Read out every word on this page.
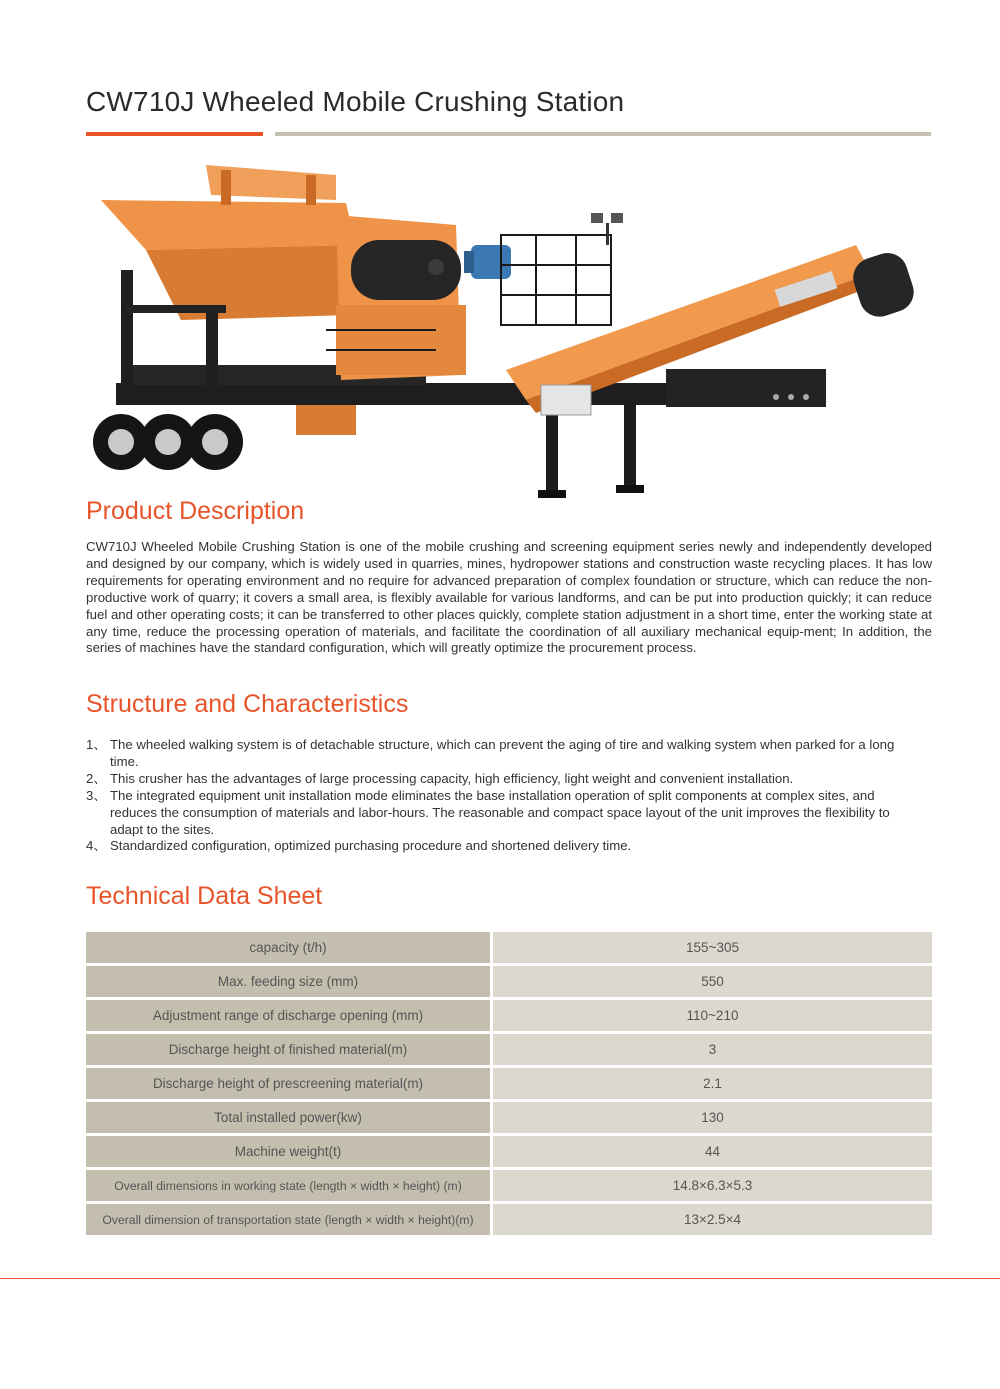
CW710J Wheeled Mobile Crushing Station
Product Description

CW710J Wheeled Mobile Crushing Station is one of the mobile crushing and screening equipment series newly and independently developed and designed by our company, which is widely used in quarries, mines, hydropower stations and construction waste recycling places. It has low requirements for operating environment and no require for advanced preparation of complex foundation or structure, which can reduce the non-productive work of quarry; it covers a small area, is flexibly available for various landforms, and can be put into production quickly; it can reduce fuel and other operating costs; it can be transferred to other places quickly, complete station adjustment in a short time, enter the working state at any time, reduce the processing operation of materials, and facilitate the coordination of all auxiliary mechanical equip-ment; In addition, the series of machines have the standard configuration, which will greatly optimize the procurement process.

Structure and Characteristics
1、 The wheeled walking system is of detachable structure, which can prevent the aging of tire and walking system when parked for a long time.
2、 This crusher has the advantages of large processing capacity, high efficiency, light weight and convenient installation.
3、 The integrated equipment unit installation mode eliminates the base installation operation of split components at complex sites, and reduces the consumption of materials and labor-hours. The reasonable and compact space layout of the unit improves the flexibility to adapt to the sites.
4、 Standardized configuration, optimized purchasing procedure and shortened delivery time.
Technical Data Sheet
capacity (t/h)	155~305
Max. feeding size (mm)	550
Adjustment range of discharge opening (mm)	110~210
Discharge height of finished material(m)	3
Discharge height of prescreening material(m)	2.1
Total installed power(kw)	130
Machine weight(t)	44
Overall dimensions in working state (length × width × height) (m)	14.8×6.3×5.3
Overall dimension of transportation state (length × width × height)(m)	13×2.5×4
